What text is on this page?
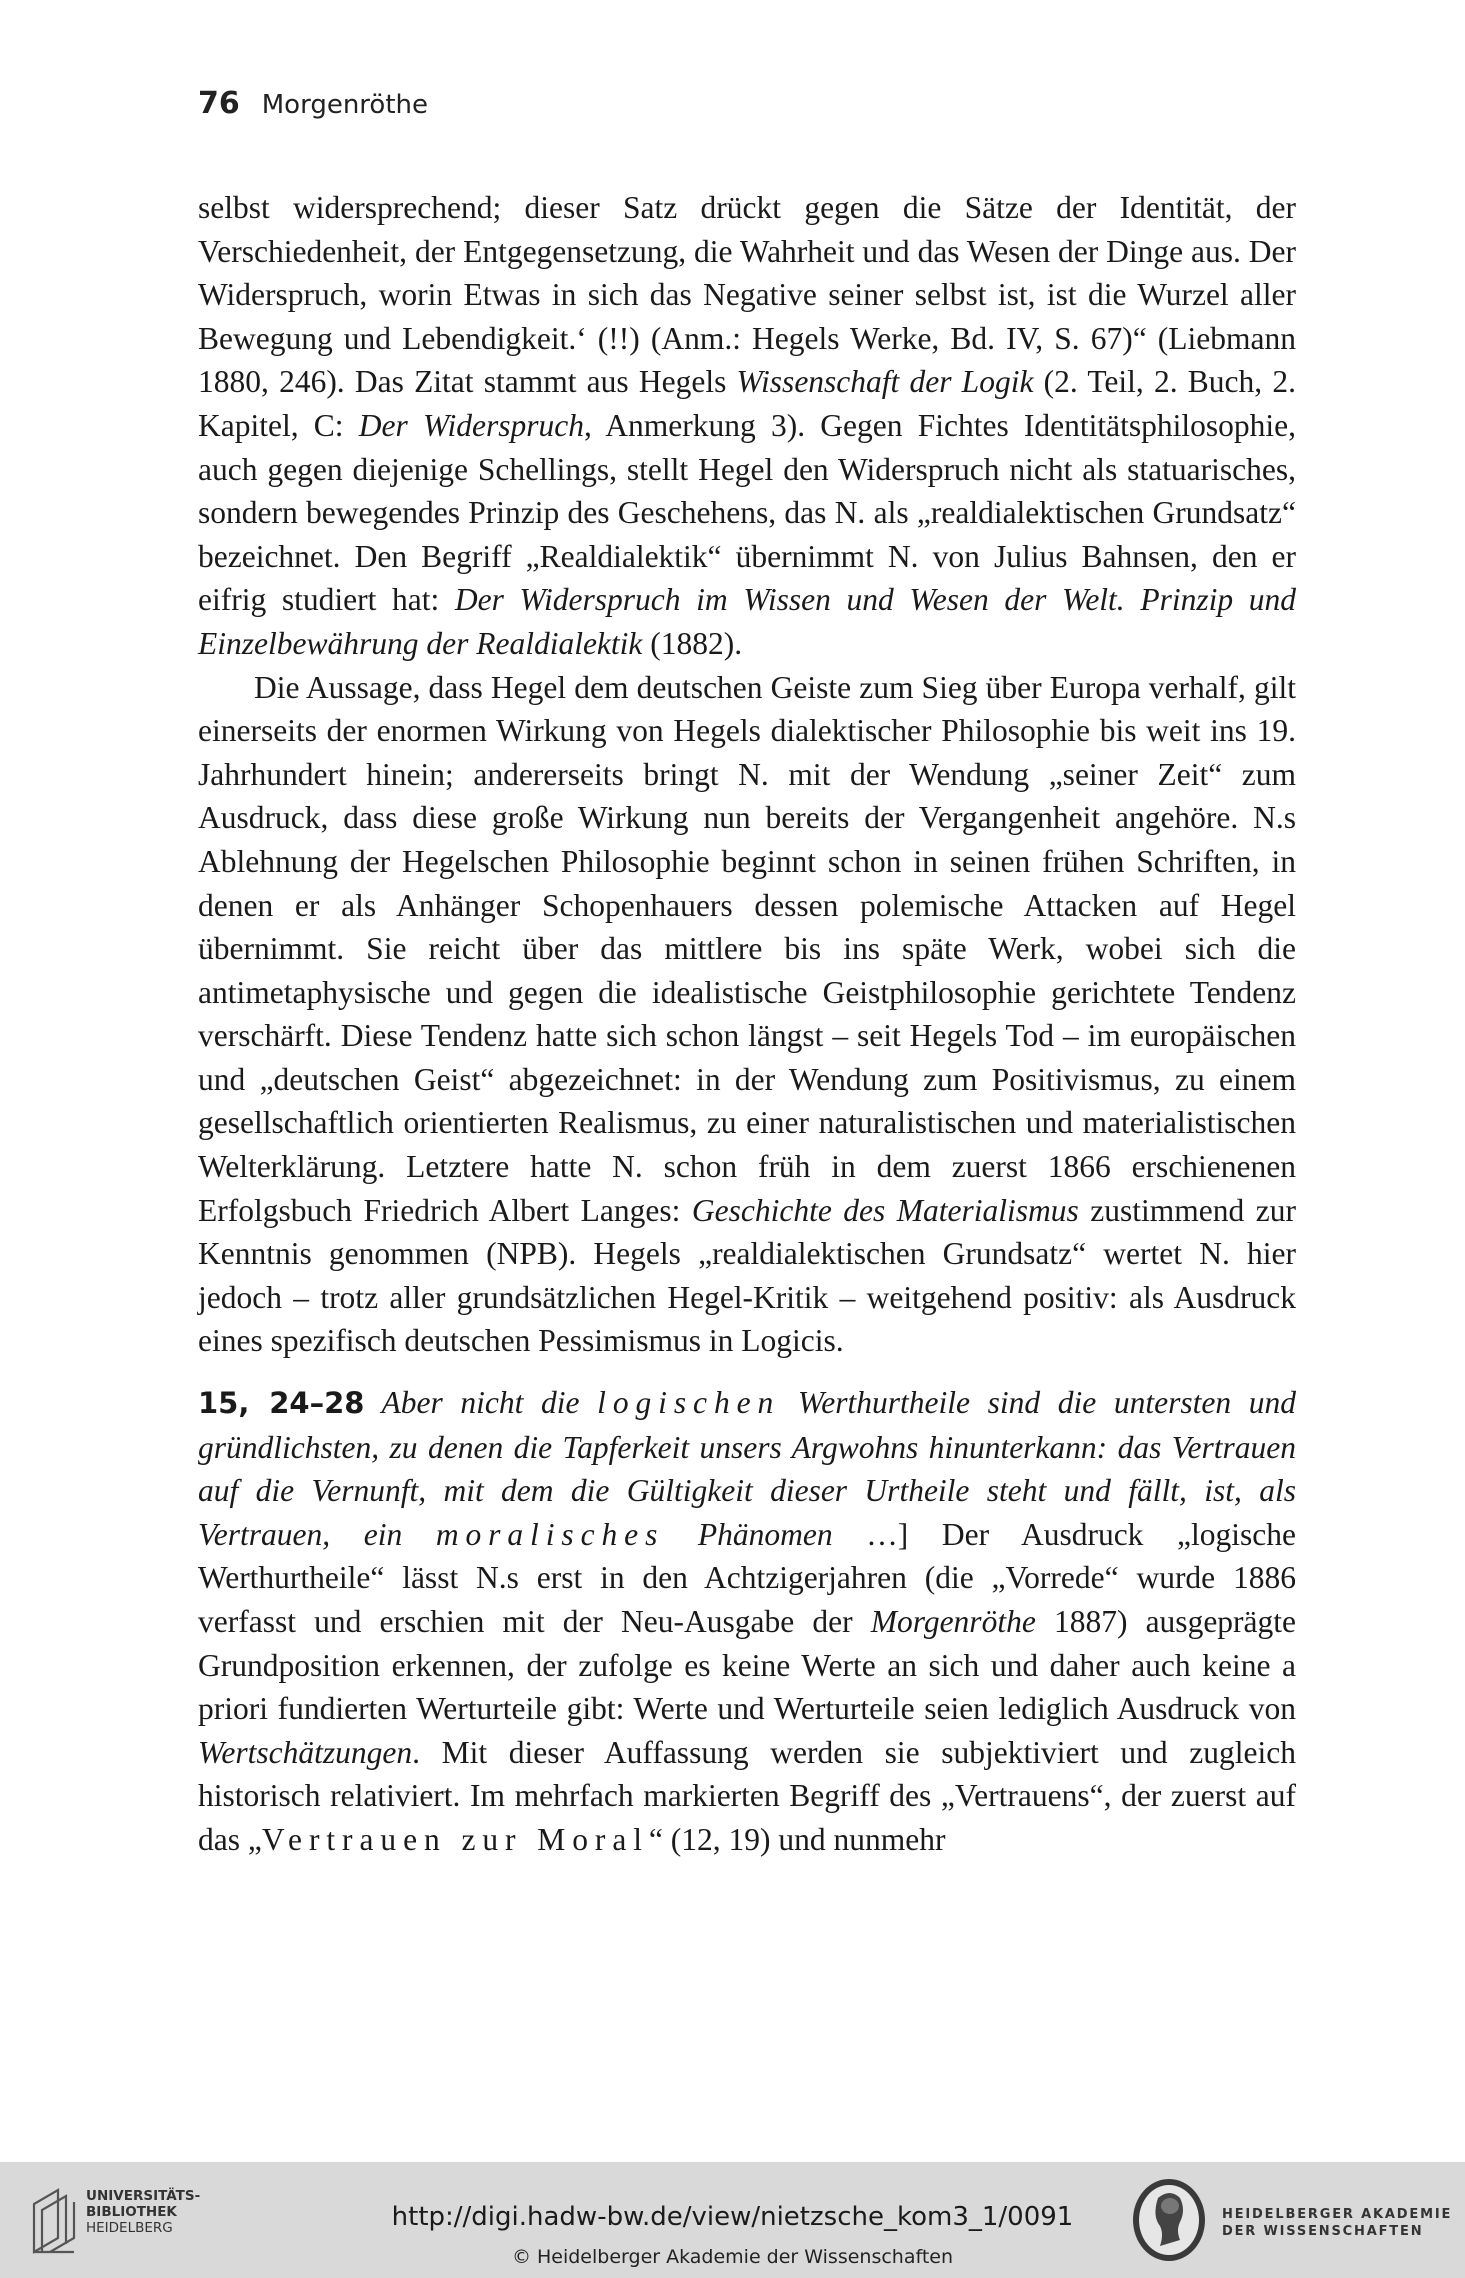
76 Morgenröthe

selbst widersprechend; dieser Satz drückt gegen die Sätze der Identität, der Verschiedenheit, der Entgegensetzung, die Wahrheit und das Wesen der Dinge aus. Der Widerspruch, worin Etwas in sich das Negative seiner selbst ist, ist die Wurzel aller Bewegung und Lebendigkeit.‘ (!!) (Anm.: Hegels Werke, Bd. IV, S. 67)“ (Liebmann 1880, 246). Das Zitat stammt aus Hegels Wissenschaft der Logik (2. Teil, 2. Buch, 2. Kapitel, C: Der Widerspruch, Anmerkung 3). Gegen Fichtes Identitätsphilosophie, auch gegen diejenige Schellings, stellt Hegel den Widerspruch nicht als statuarisches, sondern bewegendes Prinzip des Geschehens, das N. als „realdialektischen Grundsatz“ bezeichnet. Den Begriff „Realdialektik“ übernimmt N. von Julius Bahnsen, den er eifrig studiert hat: Der Widerspruch im Wissen und Wesen der Welt. Prinzip und Einzelbewährung der Realdialektik (1882).

Die Aussage, dass Hegel dem deutschen Geiste zum Sieg über Europa verhalf, gilt einerseits der enormen Wirkung von Hegels dialektischer Philosophie bis weit ins 19. Jahrhundert hinein; andererseits bringt N. mit der Wendung „seiner Zeit“ zum Ausdruck, dass diese große Wirkung nun bereits der Vergangenheit angehöre. N.s Ablehnung der Hegelschen Philosophie beginnt schon in seinen frühen Schriften, in denen er als Anhänger Schopenhauers dessen polemische Attacken auf Hegel übernimmt. Sie reicht über das mittlere bis ins späte Werk, wobei sich die antimetaphysische und gegen die idealistische Geistphilosophie gerichtete Tendenz verschärft. Diese Tendenz hatte sich schon längst – seit Hegels Tod – im europäischen und „deutschen Geist“ abgezeichnet: in der Wendung zum Positivismus, zu einem gesellschaftlich orientierten Realismus, zu einer naturalistischen und materialistischen Welterklärung. Letztere hatte N. schon früh in dem zuerst 1866 erschienenen Erfolgsbuch Friedrich Albert Langes: Geschichte des Materialismus zustimmend zur Kenntnis genommen (NPB). Hegels „realdialektischen Grundsatz“ wertet N. hier jedoch – trotz aller grundsätzlichen Hegel-Kritik – weitgehend positiv: als Ausdruck eines spezifisch deutschen Pessimismus in Logicis.

15, 24–28 Aber nicht die logischen Werthurtheile sind die untersten und gründlichsten, zu denen die Tapferkeit unsers Argwohns hinunterkann: das Vertrauen auf die Vernunft, mit dem die Gültigkeit dieser Urtheile steht und fällt, ist, als Vertrauen, ein moralisches Phänomen …] Der Ausdruck „logische Werthurtheile“ lässt N.s erst in den Achtzigerjahren (die „Vorrede“ wurde 1886 verfasst und erschien mit der Neu-Ausgabe der Morgenröthe 1887) ausgeprägte Grundposition erkennen, der zufolge es keine Werte an sich und daher auch keine a priori fundierten Werturteile gibt: Werte und Werturteile seien lediglich Ausdruck von Wertschätzungen. Mit dieser Auffassung werden sie subjektiviert und zugleich historisch relativiert. Im mehrfach markierten Begriff des „Vertrauens“, der zuerst auf das „Vertrauen zur Moral“ (12, 19) und nunmehr

UNIVERSITÄTS-
BIBLIOTHEK
HEIDELBERG	http://digi.hadw-bw.de/view/nietzsche_kom3_1/0091
© Heidelberger Akademie der Wissenschaften
HEIDELBERGER AKADEMIE
DER WISSENSCHAFTEN
